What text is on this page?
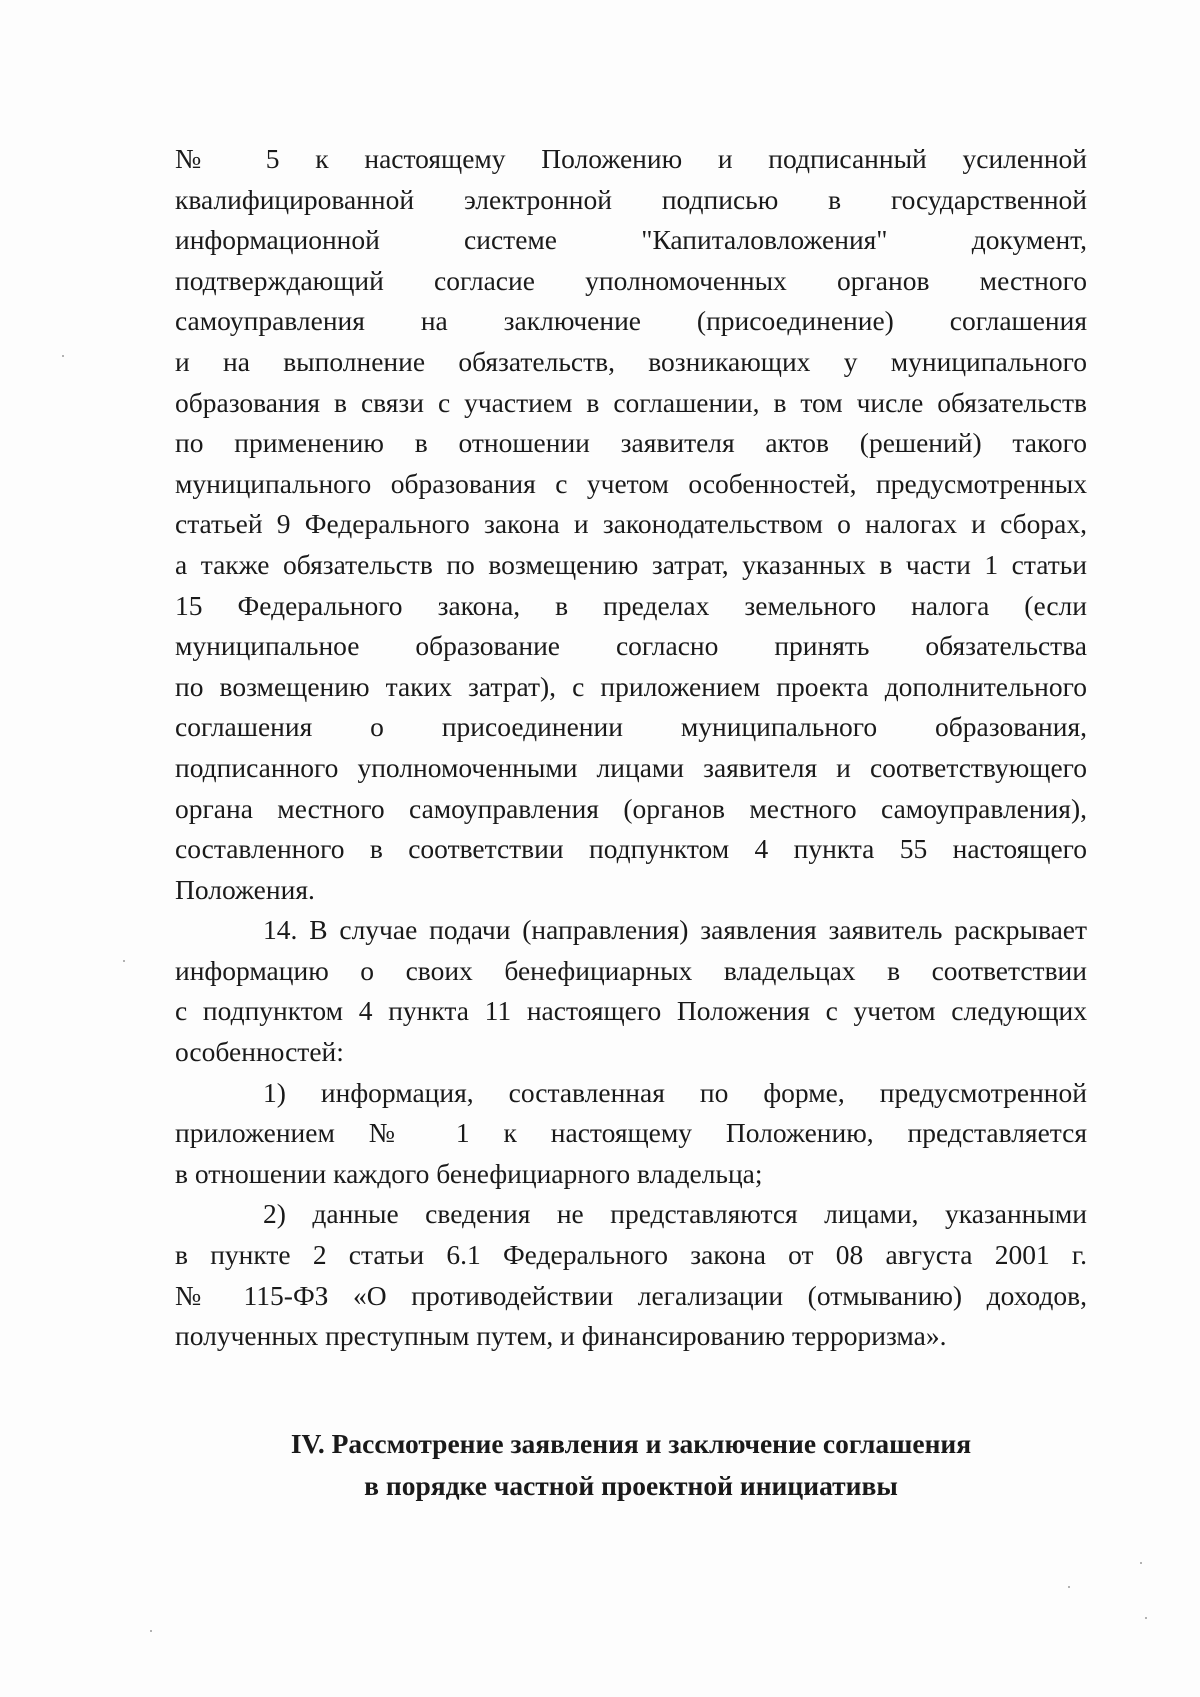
№ 5 к настоящему Положению и подписанный усиленной
квалифицированной электронной подписью в государственной
информационной системе "Капиталовложения" документ,
подтверждающий согласие уполномоченных органов местного
самоуправления на заключение (присоединение) соглашения
и на выполнение обязательств, возникающих у муниципального
образования в связи с участием в соглашении, в том числе обязательств
по применению в отношении заявителя актов (решений) такого
муниципального образования с учетом особенностей, предусмотренных
статьей 9 Федерального закона и законодательством о налогах и сборах,
а также обязательств по возмещению затрат, указанных в части 1 статьи
15 Федерального закона, в пределах земельного налога (если
муниципальное образование согласно принять обязательства
по возмещению таких затрат), с приложением проекта дополнительного
соглашения о присоединении муниципального образования,
подписанного уполномоченными лицами заявителя и соответствующего
органа местного самоуправления (органов местного самоуправления),
составленного в соответствии подпунктом 4 пункта 55 настоящего
Положения.
14. В случае подачи (направления) заявления заявитель раскрывает
информацию о своих бенефициарных владельцах в соответствии
с подпунктом 4 пункта 11 настоящего Положения с учетом следующих
особенностей:
1) информация, составленная по форме, предусмотренной
приложением № 1 к настоящему Положению, представляется
в отношении каждого бенефициарного владельца;
2) данные сведения не представляются лицами, указанными
в пункте 2 статьи 6.1 Федерального закона от 08 августа 2001 г.
№ 115-ФЗ «О противодействии легализации (отмыванию) доходов,
полученных преступным путем, и финансированию терроризма».
IV. Рассмотрение заявления и заключение соглашения
в порядке частной проектной инициативы
